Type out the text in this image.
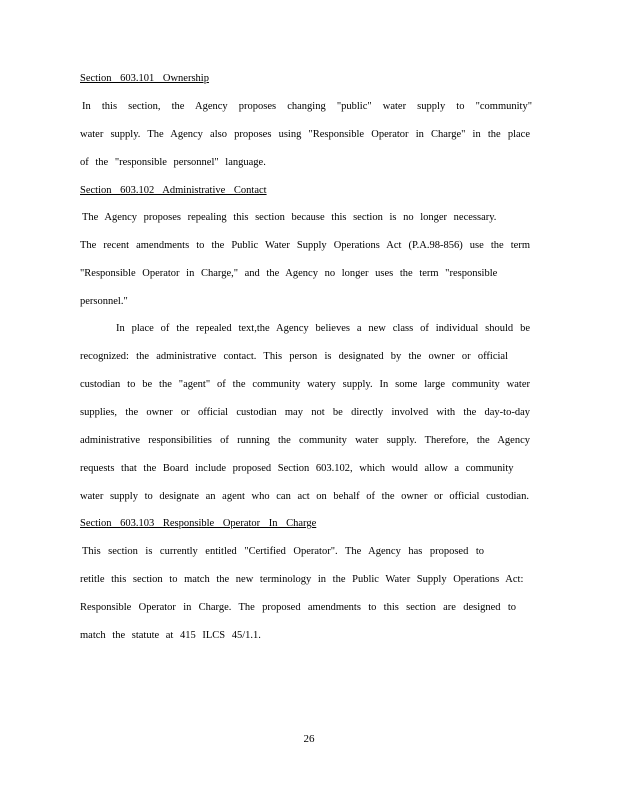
Section 603.101 Ownership
In this section, the Agency proposes changing "public" water supply to "community"
water supply. The Agency also proposes using "Responsible Operator in Charge" in the place
of the "responsible personnel" language.
Section 603.102 Administrative Contact
The Agency proposes repealing this section because this section is no longer necessary.
The recent amendments to the Public Water Supply Operations Act (P.A.98-856) use the term
"Responsible Operator in Charge," and the Agency no longer uses the term "responsible
personnel."
In place of the repealed text,the Agency believes a new class of individual should be
recognized: the administrative contact. This person is designated by the owner or official
custodian to be the "agent" of the community watery supply. In some large community water
supplies, the owner or official custodian may not be directly involved with the day-to-day
administrative responsibilities of running the community water supply. Therefore, the Agency
requests that the Board include proposed Section 603.102, which would allow a community
water supply to designate an agent who can act on behalf of the owner or official custodian.
Section 603.103 Responsible Operator In Charge
This section is currently entitled "Certified Operator". The Agency has proposed to
retitle this section to match the new terminology in the Public Water Supply Operations Act:
Responsible Operator in Charge. The proposed amendments to this section are designed to
match the statute at 415 ILCS 45/1.1.
26
